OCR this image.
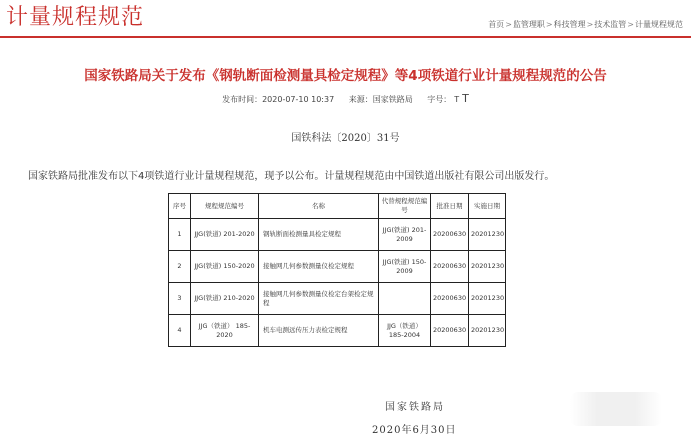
计量规程规范	首页>监管理职>科技管理>技术监管>计量规程规范
国家铁路局关于发布《钢轨断面检测量具检定规程》等4项铁道行业计量规程规范的公告
发布时间：2020-07-10 10:37 来源：国家铁路局 字号： T T
国铁科法〔2020〕31号
国家铁路局批准发布以下4项铁道行业计量规程规范，现予以公布。计量规程规范由中国铁道出版社有限公司出版发行。
序号	规程规范编号	名称	代替规程规范编号	批准日期	实施日期
1	JJG(铁道) 201-2020	钢轨断面检测量具检定规程	JJG(铁道) 201-2009	20200630	20201230
2	JJG(铁道) 150-2020	接触网几何参数测量仪检定规程	JJG(铁道) 150-2009	20200630	20201230
3	JJG(铁道) 210-2020	接触网几何参数测量仪检定台架检定规程		20200630	20201230
4	JJG（铁道） 185-2020	机车电测远传压力表检定规程	JJG（铁道） 185-2004	20200630	20201230
国家铁路局
2020年6月30日
